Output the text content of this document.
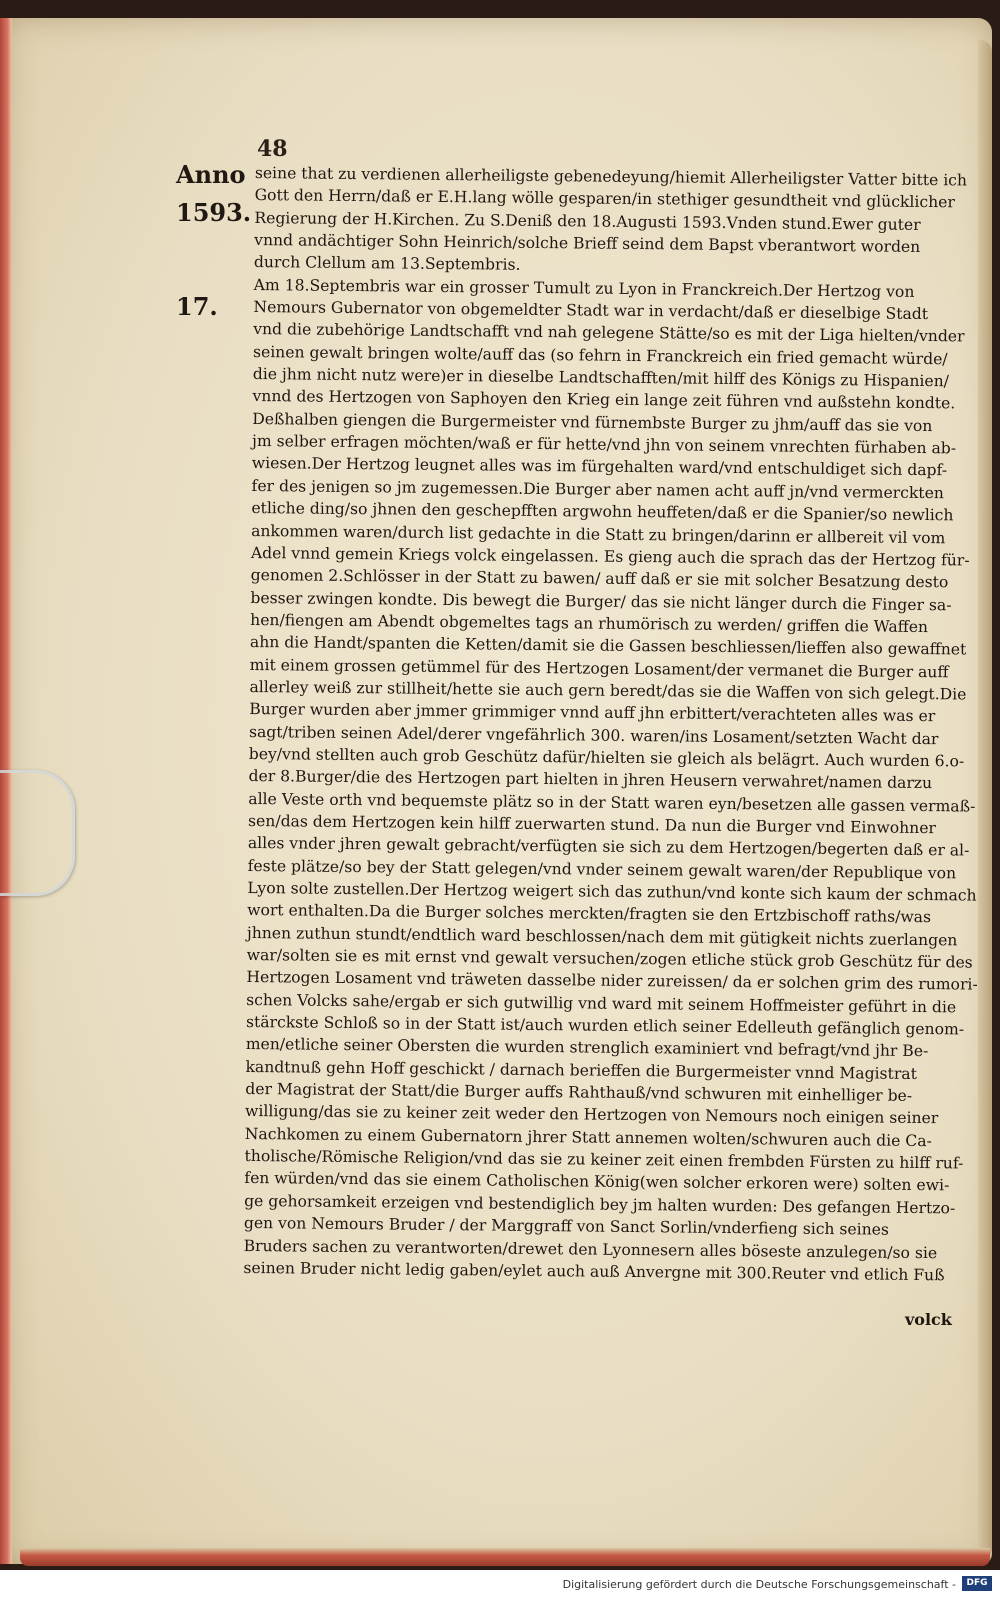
48
Anno
1593.
17.
seine that zu verdienen allerheiligste gebenedeyung/hiemit Allerheiligster Vatter bitte ich
Gott den Herrn/daß er E.H.lang wölle gesparen/in stethiger gesundtheit vnd glücklicher
Regierung der H.Kirchen. Zu S.Deniß den 18.Augusti 1593.Vnden stund.Ewer guter
vnnd andächtiger Sohn Heinrich/solche Brieff seind dem Bapst vberantwort worden
durch Clellum am 13.Septembris.
Am 18.Septembris war ein grosser Tumult zu Lyon in Franckreich.Der Hertzog von
Nemours Gubernator von obgemeldter Stadt war in verdacht/daß er dieselbige Stadt
vnd die zubehörige Landtschafft vnd nah gelegene Stätte/so es mit der Liga hielten/vnder
seinen gewalt bringen wolte/auff das (so fehrn in Franckreich ein fried gemacht würde/
die jhm nicht nutz were)er in dieselbe Landtschafften/mit hilff des Königs zu Hispanien/
vnnd des Hertzogen von Saphoyen den Krieg ein lange zeit führen vnd außstehn kondte.
Deßhalben giengen die Burgermeister vnd fürnembste Burger zu jhm/auff das sie von
jm selber erfragen möchten/waß er für hette/vnd jhn von seinem vnrechten fürhaben ab-
wiesen.Der Hertzog leugnet alles was im fürgehalten ward/vnd entschuldiget sich dapf-
fer des jenigen so jm zugemessen.Die Burger aber namen acht auff jn/vnd vermerckten
etliche ding/so jhnen den geschepfften argwohn heuffeten/daß er die Spanier/so newlich
ankommen waren/durch list gedachte in die Statt zu bringen/darinn er allbereit vil vom
Adel vnnd gemein Kriegs volck eingelassen. Es gieng auch die sprach das der Hertzog für-
genomen 2.Schlösser in der Statt zu bawen/ auff daß er sie mit solcher Besatzung desto
besser zwingen kondte. Dis bewegt die Burger/ das sie nicht länger durch die Finger sa-
hen/fiengen am Abendt obgemeltes tags an rhumörisch zu werden/ griffen die Waffen
ahn die Handt/spanten die Ketten/damit sie die Gassen beschliessen/lieffen also gewaffnet
mit einem grossen getümmel für des Hertzogen Losament/der vermanet die Burger auff
allerley weiß zur stillheit/hette sie auch gern beredt/das sie die Waffen von sich gelegt.Die
Burger wurden aber jmmer grimmiger vnnd auff jhn erbittert/verachteten alles was er
sagt/triben seinen Adel/derer vngefährlich 300. waren/ins Losament/setzten Wacht dar
bey/vnd stellten auch grob Geschütz dafür/hielten sie gleich als belägrt. Auch wurden 6.o-
der 8.Burger/die des Hertzogen part hielten in jhren Heusern verwahret/namen darzu
alle Veste orth vnd bequemste plätz so in der Statt waren eyn/besetzen alle gassen vermaß-
sen/das dem Hertzogen kein hilff zuerwarten stund. Da nun die Burger vnd Einwohner
alles vnder jhren gewalt gebracht/verfügten sie sich zu dem Hertzogen/begerten daß er al-
feste plätze/so bey der Statt gelegen/vnd vnder seinem gewalt waren/der Republique von
Lyon solte zustellen.Der Hertzog weigert sich das zuthun/vnd konte sich kaum der schmach
wort enthalten.Da die Burger solches merckten/fragten sie den Ertzbischoff raths/was
jhnen zuthun stundt/endtlich ward beschlossen/nach dem mit gütigkeit nichts zuerlangen
war/solten sie es mit ernst vnd gewalt versuchen/zogen etliche stück grob Geschütz für des
Hertzogen Losament vnd träweten dasselbe nider zureissen/ da er solchen grim des rumori-
schen Volcks sahe/ergab er sich gutwillig vnd ward mit seinem Hoffmeister geführt in die
stärckste Schloß so in der Statt ist/auch wurden etlich seiner Edelleuth gefänglich genom-
men/etliche seiner Obersten die wurden strenglich examiniert vnd befragt/vnd jhr Be-
kandtnuß gehn Hoff geschickt / darnach berieffen die Burgermeister vnnd Magistrat
der Magistrat der Statt/die Burger auffs Rahthauß/vnd schwuren mit einhelliger be-
willigung/das sie zu keiner zeit weder den Hertzogen von Nemours noch einigen seiner
Nachkomen zu einem Gubernatorn jhrer Statt annemen wolten/schwuren auch die Ca-
tholische/Römische Religion/vnd das sie zu keiner zeit einen frembden Fürsten zu hilff ruf-
fen würden/vnd das sie einem Catholischen König(wen solcher erkoren were) solten ewi-
ge gehorsamkeit erzeigen vnd bestendiglich bey jm halten wurden: Des gefangen Hertzo-
gen von Nemours Bruder / der Marggraff von Sanct Sorlin/vnderfieng sich seines
Bruders sachen zu verantworten/drewet den Lyonnesern alles böseste anzulegen/so sie
seinen Bruder nicht ledig gaben/eylet auch auß Anvergne mit 300.Reuter vnd etlich Fuß
volck
Digitalisierung gefördert durch die Deutsche Forschungsgemeinschaft -	DFG
